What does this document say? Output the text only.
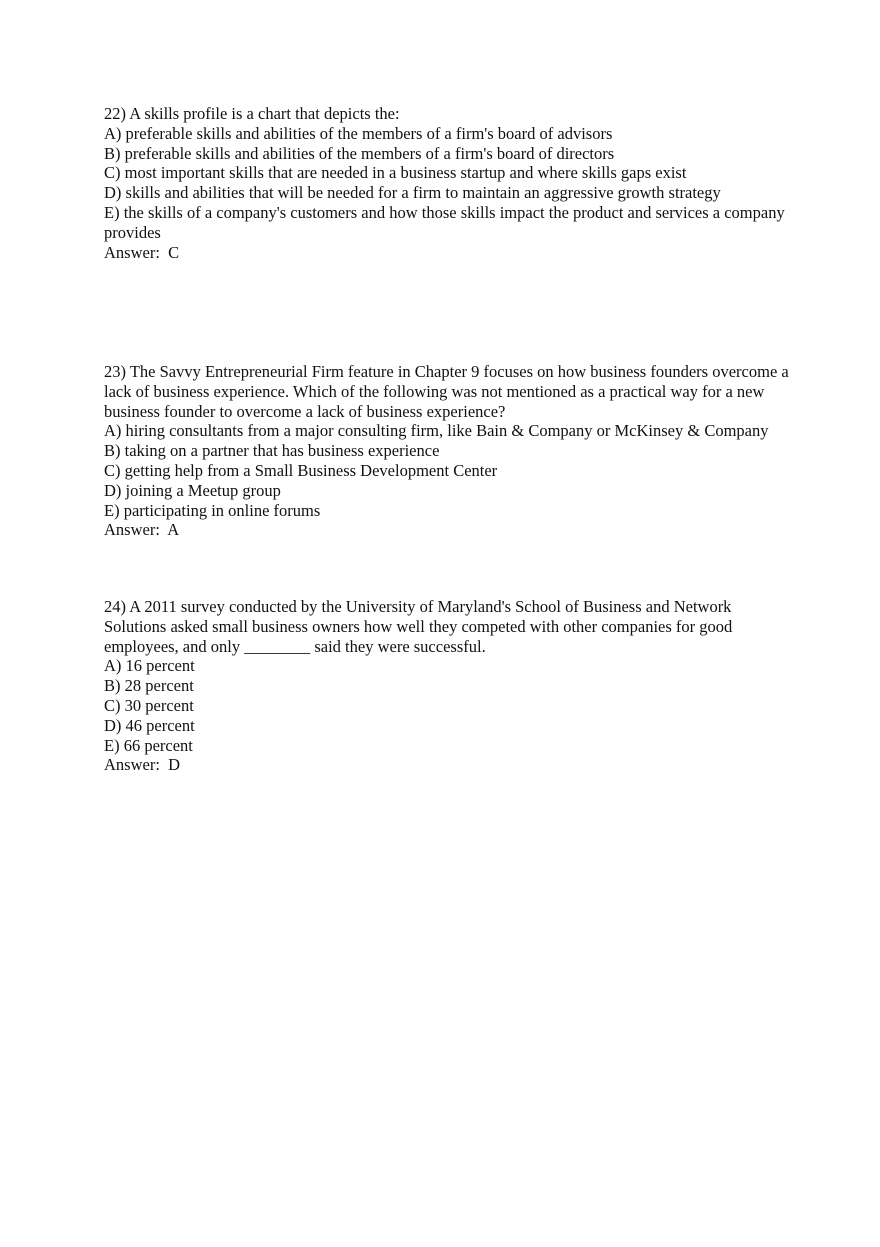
22) A skills profile is a chart that depicts the:
A) preferable skills and abilities of the members of a firm's board of advisors
B) preferable skills and abilities of the members of a firm's board of directors
C) most important skills that are needed in a business startup and where skills gaps exist
D) skills and abilities that will be needed for a firm to maintain an aggressive growth strategy
E) the skills of a company's customers and how those skills impact the product and services a company provides
Answer:  C
23) The Savvy Entrepreneurial Firm feature in Chapter 9 focuses on how business founders overcome a lack of business experience. Which of the following was not mentioned as a practical way for a new business founder to overcome a lack of business experience?
A) hiring consultants from a major consulting firm, like Bain & Company or McKinsey & Company
B) taking on a partner that has business experience
C) getting help from a Small Business Development Center
D) joining a Meetup group
E) participating in online forums
Answer:  A
24) A 2011 survey conducted by the University of Maryland's School of Business and Network Solutions asked small business owners how well they competed with other companies for good employees, and only ________ said they were successful.
A) 16 percent
B) 28 percent
C) 30 percent
D) 46 percent
E) 66 percent
Answer:  D
